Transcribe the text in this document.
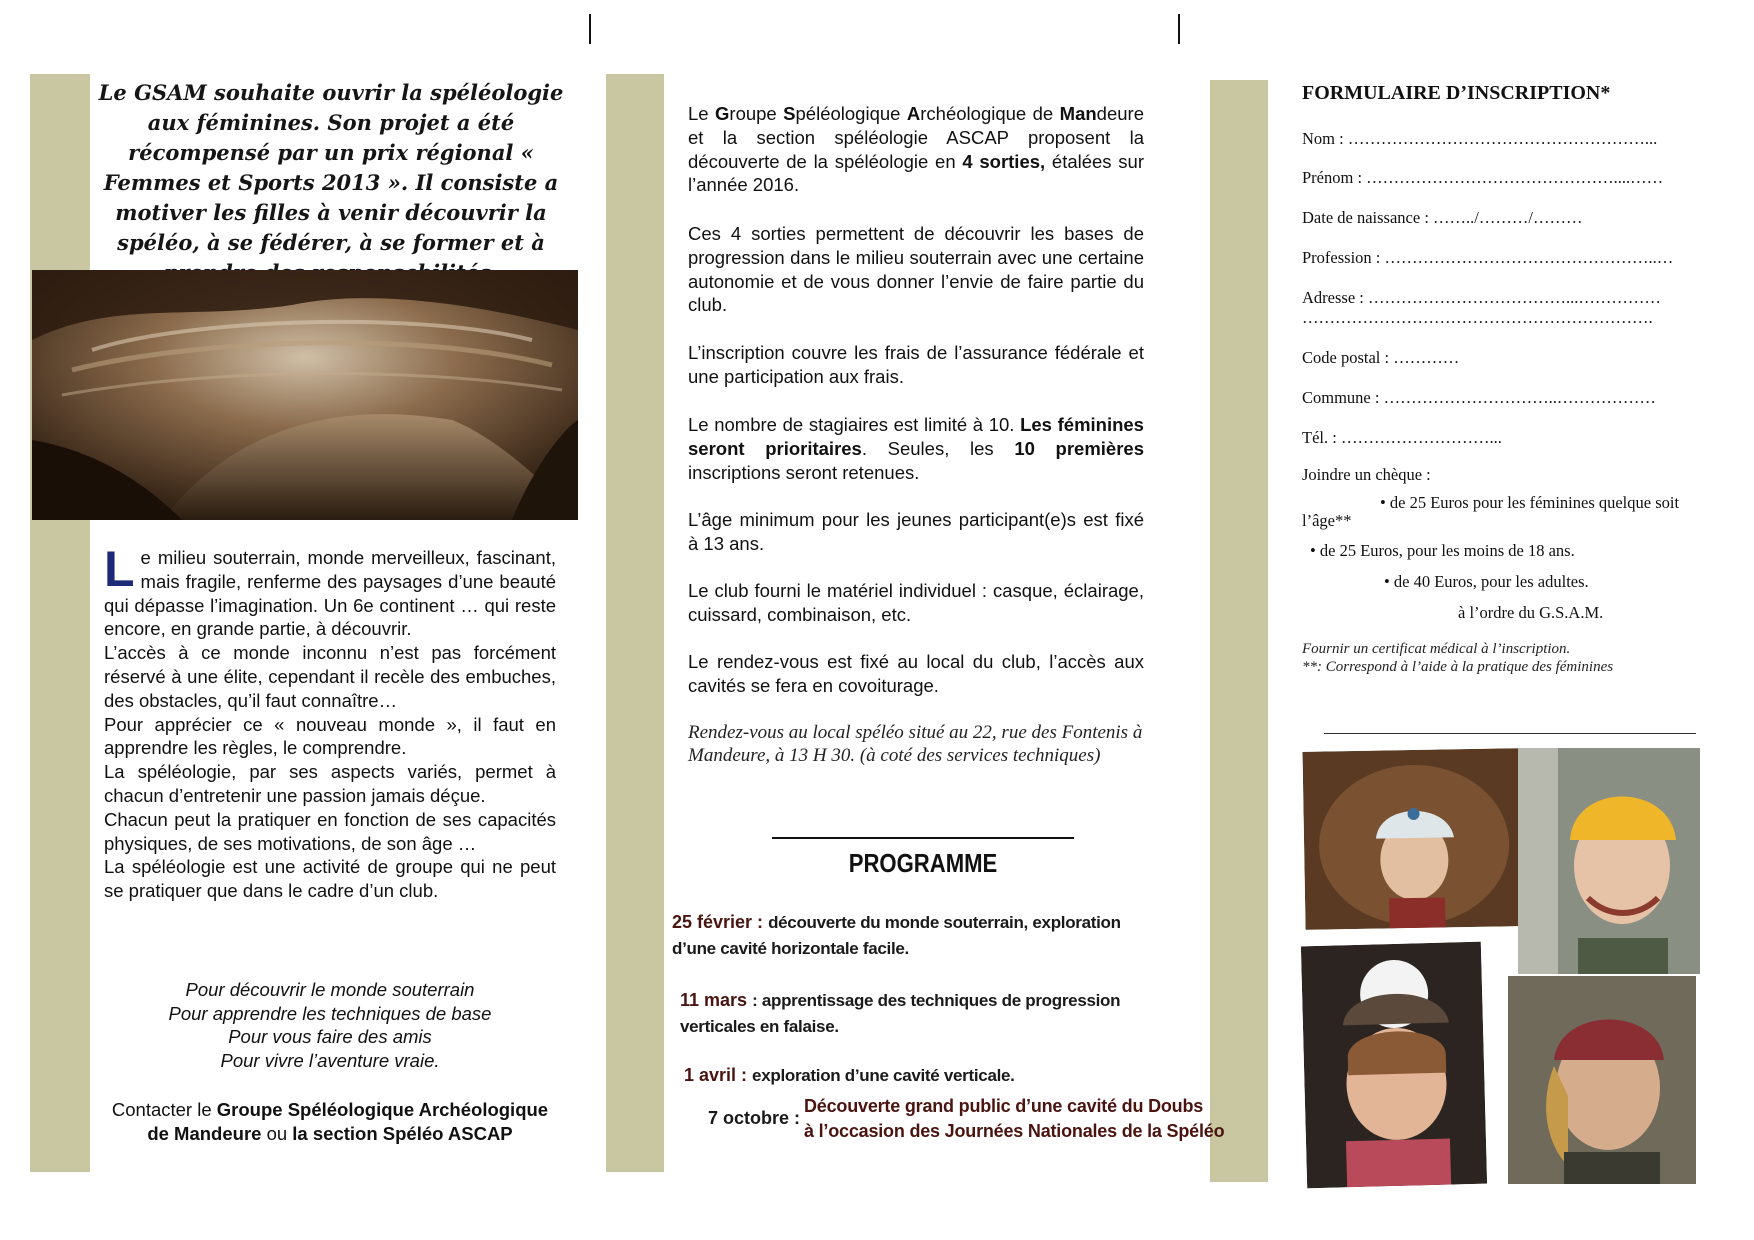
Le GSAM souhaite ouvrir la spéléologie aux féminines. Son projet a été récompensé par un prix régional « Femmes et Sports 2013 ». Il consiste a motiver les filles à venir découvrir la spéléo, à se fédérer, à se former et à
L e milieu souterrain, monde merveilleux, fascinant, mais fragile, renferme des paysages d’une beauté qui dépasse l’imagination. Un 6e continent … qui reste encore, en grande partie, à découvrir.

L’accès à ce monde inconnu n’est pas forcément réservé à une élite, cependant il recèle des embuches, des obstacles, qu’il faut connaître…

Pour apprécier ce « nouveau monde », il faut en apprendre les règles, le comprendre.

La spéléologie, par ses aspects variés, permet à chacun d’entretenir une passion jamais déçue.

Chacun peut la pratiquer en fonction de ses capacités physiques, de ses motivations, de son âge …

La spéléologie est une activité de groupe qui ne peut se pratiquer que dans le cadre d’un club.

Pour découvrir le monde souterrain
Pour apprendre les techniques de base
Pour vous faire des amis
Pour vivre l’aventure vraie.
Contacter le Groupe Spéléologique Archéologique de Mandeure ou la section Spéléo ASCAP
Le Groupe Spéléologique Archéologique de Mandeure et la section spéléologie ASCAP proposent la découverte de la spéléologie en 4 sorties, étalées sur l’année 2016.
Ces 4 sorties permettent de découvrir les bases de progression dans le milieu souterrain avec une certaine autonomie et de vous donner l’envie de faire partie du club.
L’inscription couvre les frais de l’assurance fédérale et une participation aux frais.
Le nombre de stagiaires est limité à 10. Les féminines seront prioritaires. Seules, les 10 premières inscriptions seront retenues.
L’âge minimum pour les jeunes participant(e)s est fixé à 13 ans.
Le club fourni le matériel individuel : casque, éclairage, cuissard, combinaison, etc.
Le rendez-vous est fixé au local du club, l’accès aux cavités se fera en covoiturage.
Rendez-vous au local spéléo situé au 22, rue des Fontenis à Mandeure, à 13 H 30. (à coté des services techniques)
PROGRAMME
25 février : découverte du monde souterrain, exploration d’une cavité horizontale facile.
11 mars : apprentissage des techniques de progression verticales en falaise.
1 avril : exploration d’une cavité verticale.
7 octobre :
Découverte grand public d’une cavité du Doubs
à l’occasion des Journées Nationales de la Spéléo
FORMULAIRE D’INSCRIPTION*
Nom : ………………………………………………...
Prénom : ………………………………………....……
Date de naissance : ……../………/………
Profession : …………………………………………..…
Adresse : ………………………………...……………
……………………………………………………….
Code postal : …………
Commune : …………………………..………………
Tél. : ………………………...
Joindre un chèque :
• de 25 Euros pour les féminines quelque soit l’âge**
• de 25 Euros, pour les moins de 18 ans.
• de 40 Euros, pour les adultes.
à l’ordre du G.S.A.M.
Fournir un certificat médical à l’inscription.
**: Correspond à l’aide à la pratique des féminines
